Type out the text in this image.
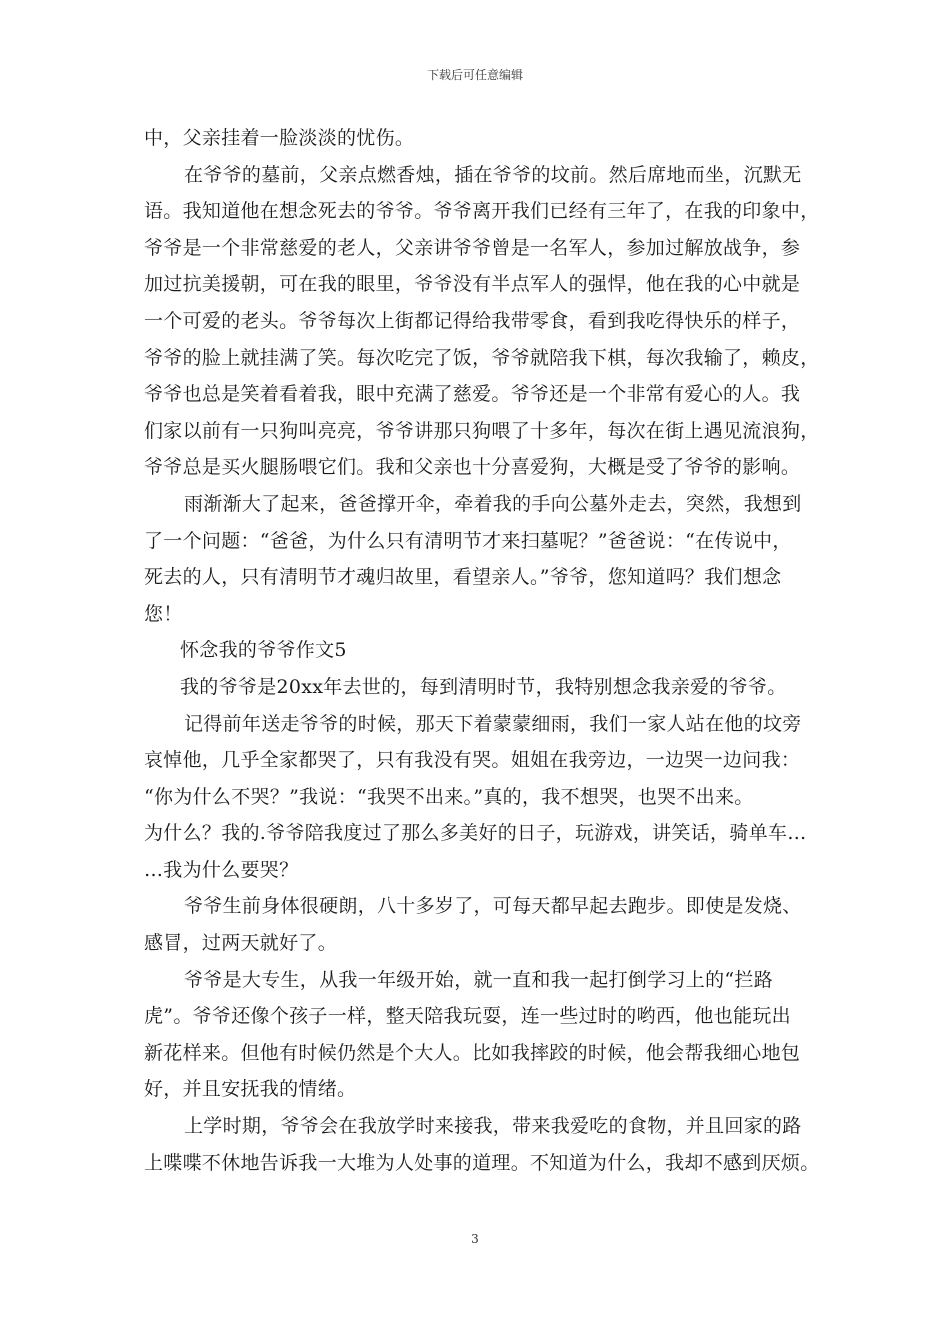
下载后可任意编辑
中，父亲挂着一脸淡淡的忧伤。
在爷爷的墓前，父亲点燃香烛，插在爷爷的坟前。然后席地而坐，沉默无
语。我知道他在想念死去的爷爷。爷爷离开我们已经有三年了，在我的印象中，
爷爷是一个非常慈爱的老人，父亲讲爷爷曾是一名军人，参加过解放战争，参
加过抗美援朝，可在我的眼里，爷爷没有半点军人的强悍，他在我的心中就是
一个可爱的老头。爷爷每次上街都记得给我带零食，看到我吃得快乐的样子，
爷爷的脸上就挂满了笑。每次吃完了饭，爷爷就陪我下棋，每次我输了，赖皮，
爷爷也总是笑着看着我，眼中充满了慈爱。爷爷还是一个非常有爱心的人。我
们家以前有一只狗叫亮亮，爷爷讲那只狗喂了十多年，每次在街上遇见流浪狗，
爷爷总是买火腿肠喂它们。我和父亲也十分喜爱狗，大概是受了爷爷的影响。
雨渐渐大了起来，爸爸撑开伞，牵着我的手向公墓外走去，突然，我想到
了一个问题：“爸爸，为什么只有清明节才来扫墓呢？”爸爸说：“在传说中，
死去的人，只有清明节才魂归故里，看望亲人。”爷爷，您知道吗？我们想念
您！
怀念我的爷爷作文5
我的爷爷是20xx年去世的，每到清明时节，我特别想念我亲爱的爷爷。
记得前年送走爷爷的时候，那天下着蒙蒙细雨，我们一家人站在他的坟旁
哀悼他，几乎全家都哭了，只有我没有哭。姐姐在我旁边，一边哭一边问我：
“你为什么不哭？”我说：“我哭不出来。”真的，我不想哭，也哭不出来。
为什么？我的.爷爷陪我度过了那么多美好的日子，玩游戏，讲笑话，骑单车…
…我为什么要哭？
爷爷生前身体很硬朗，八十多岁了，可每天都早起去跑步。即使是发烧、
感冒，过两天就好了。
爷爷是大专生，从我一年级开始，就一直和我一起打倒学习上的“拦路
虎”。爷爷还像个孩子一样，整天陪我玩耍，连一些过时的哟西，他也能玩出
新花样来。但他有时候仍然是个大人。比如我摔跤的时候，他会帮我细心地包
好，并且安抚我的情绪。
上学时期，爷爷会在我放学时来接我，带来我爱吃的食物，并且回家的路
上喋喋不休地告诉我一大堆为人处事的道理。不知道为什么，我却不感到厌烦。
3
